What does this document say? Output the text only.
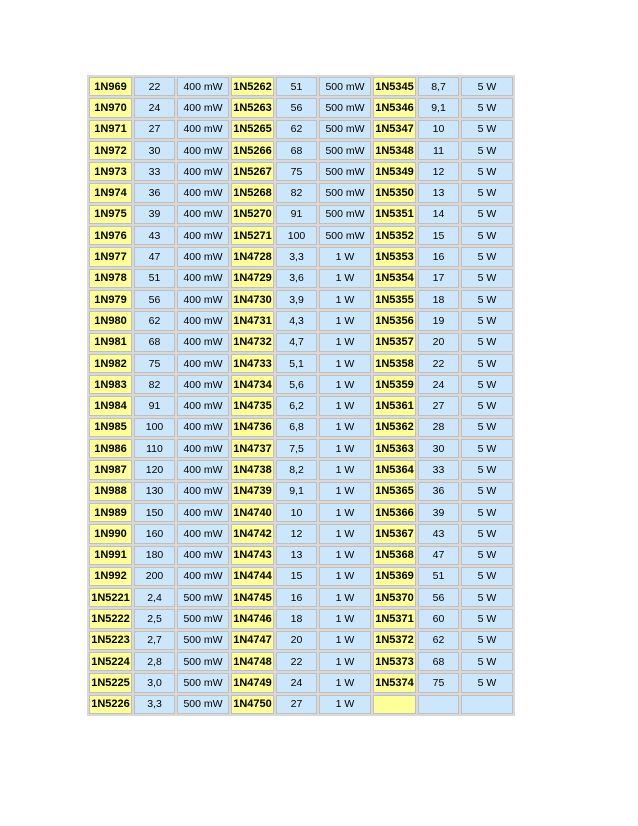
1N969	22	400 mW	1N5262	51	500 mW	1N5345	8,7	5 W
1N970	24	400 mW	1N5263	56	500 mW	1N5346	9,1	5 W
1N971	27	400 mW	1N5265	62	500 mW	1N5347	10	5 W
1N972	30	400 mW	1N5266	68	500 mW	1N5348	11	5 W
1N973	33	400 mW	1N5267	75	500 mW	1N5349	12	5 W
1N974	36	400 mW	1N5268	82	500 mW	1N5350	13	5 W
1N975	39	400 mW	1N5270	91	500 mW	1N5351	14	5 W
1N976	43	400 mW	1N5271	100	500 mW	1N5352	15	5 W
1N977	47	400 mW	1N4728	3,3	1 W	1N5353	16	5 W
1N978	51	400 mW	1N4729	3,6	1 W	1N5354	17	5 W
1N979	56	400 mW	1N4730	3,9	1 W	1N5355	18	5 W
1N980	62	400 mW	1N4731	4,3	1 W	1N5356	19	5 W
1N981	68	400 mW	1N4732	4,7	1 W	1N5357	20	5 W
1N982	75	400 mW	1N4733	5,1	1 W	1N5358	22	5 W
1N983	82	400 mW	1N4734	5,6	1 W	1N5359	24	5 W
1N984	91	400 mW	1N4735	6,2	1 W	1N5361	27	5 W
1N985	100	400 mW	1N4736	6,8	1 W	1N5362	28	5 W
1N986	110	400 mW	1N4737	7,5	1 W	1N5363	30	5 W
1N987	120	400 mW	1N4738	8,2	1 W	1N5364	33	5 W
1N988	130	400 mW	1N4739	9,1	1 W	1N5365	36	5 W
1N989	150	400 mW	1N4740	10	1 W	1N5366	39	5 W
1N990	160	400 mW	1N4742	12	1 W	1N5367	43	5 W
1N991	180	400 mW	1N4743	13	1 W	1N5368	47	5 W
1N992	200	400 mW	1N4744	15	1 W	1N5369	51	5 W
1N5221	2,4	500 mW	1N4745	16	1 W	1N5370	56	5 W
1N5222	2,5	500 mW	1N4746	18	1 W	1N5371	60	5 W
1N5223	2,7	500 mW	1N4747	20	1 W	1N5372	62	5 W
1N5224	2,8	500 mW	1N4748	22	1 W	1N5373	68	5 W
1N5225	3,0	500 mW	1N4749	24	1 W	1N5374	75	5 W
1N5226	3,3	500 mW	1N4750	27	1 W			
